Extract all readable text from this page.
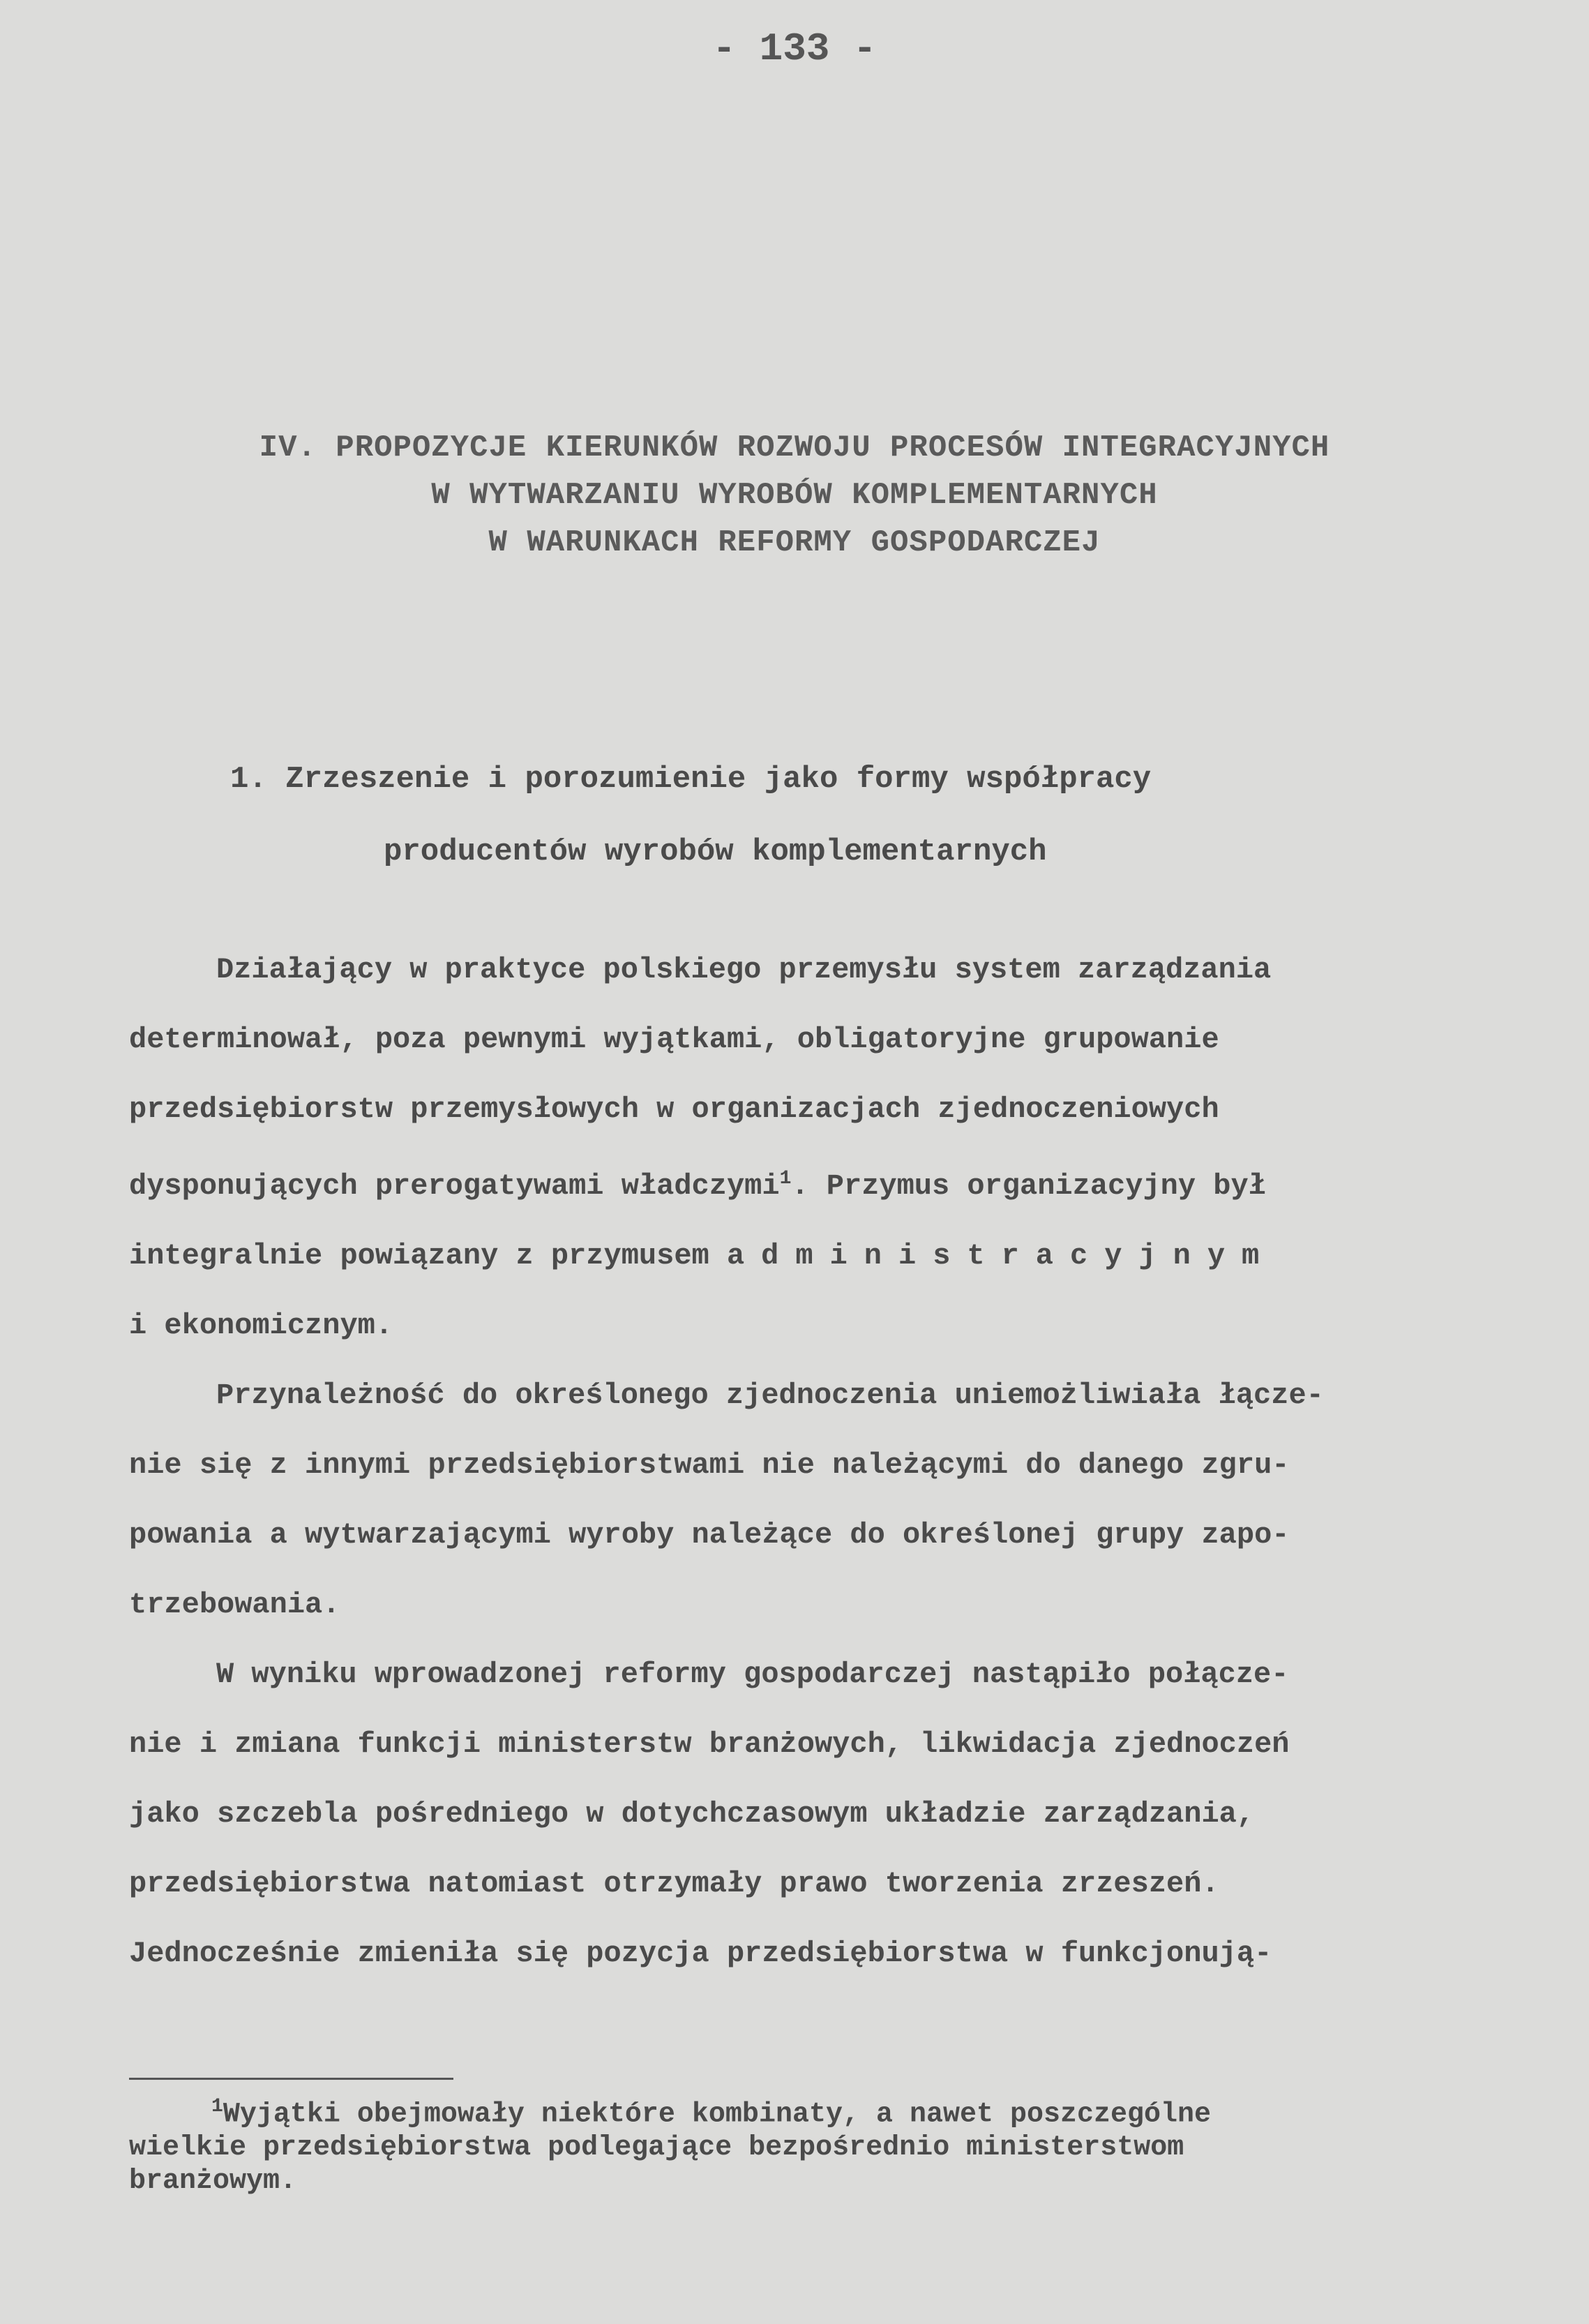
- 133 -
IV. PROPOZYCJE KIERUNKÓW ROZWOJU PROCESÓW INTEGRACYJNYCH
W WYTWARZANIU WYROBÓW KOMPLEMENTARNYCH
W WARUNKACH REFORMY GOSPODARCZEJ
1. Zrzeszenie i porozumienie jako formy współpracy
producentów wyrobów komplementarnych
Działający w praktyce polskiego przemysłu system zarządzania
determinował, poza pewnymi wyjątkami, obligatoryjne grupowanie
przedsiębiorstw przemysłowych w organizacjach zjednoczeniowych
dysponujących prerogatywami władczymi$^1$. Przymus organizacyjny był
integralnie powiązany z przymusem administracyjnym
i ekonomicznym.
Przynależność do określonego zjednoczenia uniemożliwiała łącze-
nie się z innymi przedsiębiorstwami nie należącymi do danego zgru-
powania a wytwarzającymi wyroby należące do określonej grupy zapo-
trzebowania.
W wyniku wprowadzonej reformy gospodarczej nastąpiło połącze-
nie i zmiana funkcji ministerstw branżowych, likwidacja zjednoczeń
jako szczebla pośredniego w dotychczasowym układzie zarządzania,
przedsiębiorstwa natomiast otrzymały prawo tworzenia zrzeszeń.
Jednocześnie zmieniła się pozycja przedsiębiorstwa w funkcjonują-
$^1$Wyjątki obejmowały niektóre kombinaty, a nawet poszczególne
wielkie przedsiębiorstwa podlegające bezpośrednio ministerstwom
branżowym.
